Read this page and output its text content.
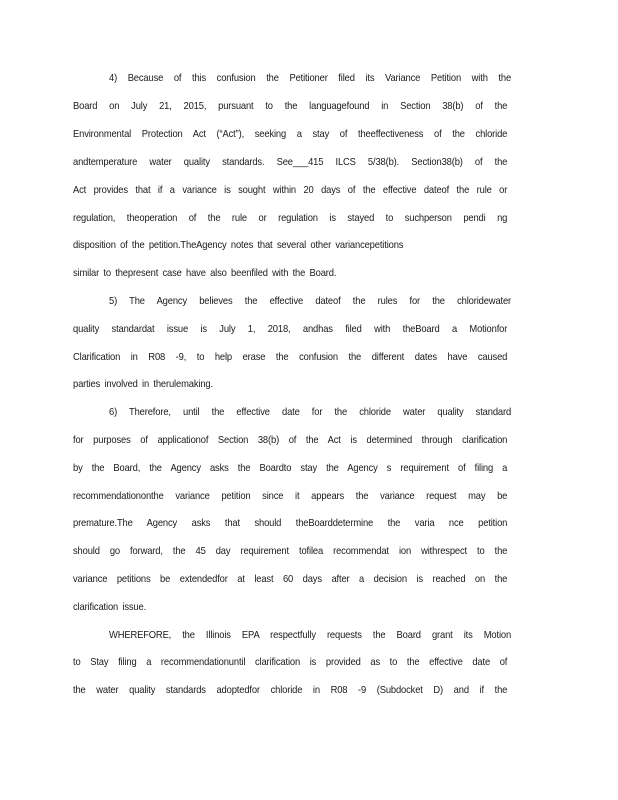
4) Because of this confusion the Petitioner filed its Variance Petition with the

Board on July 21, 2015, pursuant to the languagefound in Section 38(b) of the

Environmental Protection Act (“Act”), seeking a stay of theeffectiveness of the chloride

andtemperature water quality standards. See___415 ILCS 5/38(b). Section38(b) of the

Act provides that if a variance is sought within 20 days of the effective dateof the rule or

regulation, theoperation of the rule or regulation is stayed to suchperson pendi ng

disposition of the petition.TheAgency notes that several other variancepetitions

similar to thepresent case have also beenfiled with the Board.

5) The Agency believes the effective dateof the rules for the chloridewater

quality standardat issue is July 1, 2018, andhas filed with theBoard a Motionfor

Clarification in R08 -9, to help erase the confusion the different dates have caused

parties involved in therulemaking.

6) Therefore, until the effective date for the chloride water quality standard

for purposes of applicationof Section 38(b) of the Act is determined through clarification

by the Board, the Agency asks the Boardto stay the Agency s requirement of filing a

recommendationonthe variance petition since it appears the variance request may be

premature.The Agency asks that should theBoarddetermine the varia nce petition

should go forward, the 45 day requirement tofilea recommendat ion withrespect to the

variance petitions be extendedfor at least 60 days after a decision is reached on the

clarification issue.

WHEREFORE, the Illinois EPA respectfully requests the Board grant its Motion

to Stay filing a recommendationuntil clarification is provided as to the effective date of

the water quality standards adoptedfor chloride in R08 -9 (Subdocket D) and if the
